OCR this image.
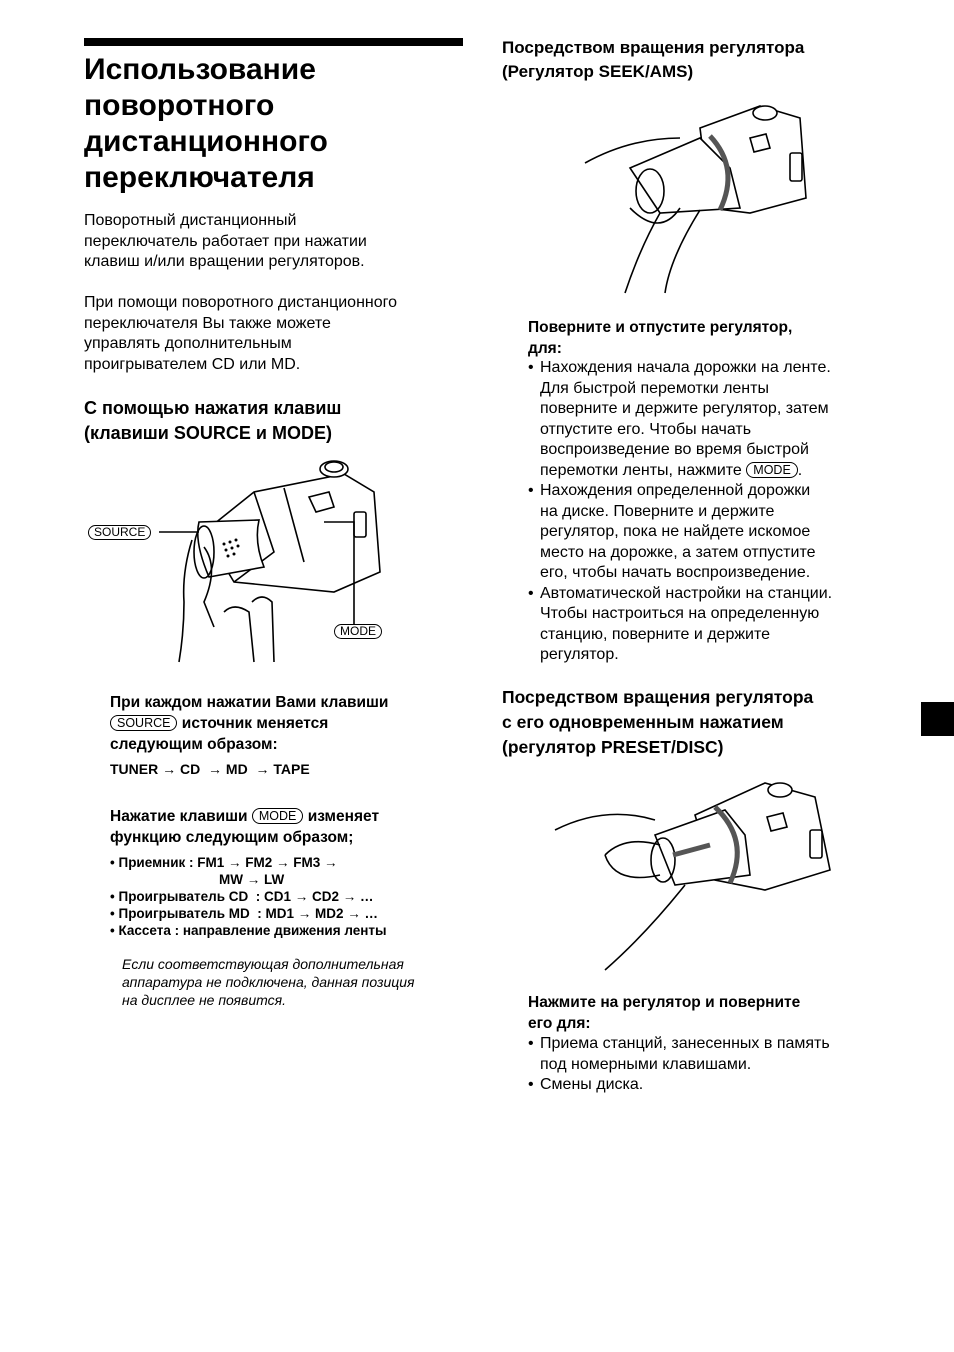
Использование
поворотного
дистанционного
переключателя
Поворотный дистанционный
переключатель работает при нажатии
клавиш и/или вращении регуляторов.
При помощи поворотного дистанционного
переключателя Вы также можете
управлять дополнительным
проигрывателем CD или MD.
С помощью нажатия клавиш
(клавиши SOURCE и MODE)
SOURCE
MODE
При каждом нажатии Вами клавиши
SOURCE источник меняется
следующим образом:
TUNER → CD  → MD  → TAPE
Нажатие клавиши MODE изменяет
функцию следующим образом;
• Приемник : FM1 → FM2 → FM3 →
MW → LW
• Проигрыватель CD : CD1 → CD2 → …
• Проигрыватель MD : MD1 → MD2 → …
• Кассета : направление движения ленты
Если соответствующая дополнительная
аппаратура не подключена, данная позиция
на дисплее не появится.
Посредством вращения регулятора
(Регулятор SEEK/AMS)
Поверните и отпустите регулятор,
для:
• Нахождения начала дорожки на ленте.
Для быстрой перемотки ленты
поверните и держите регулятор, затем
отпустите его. Чтобы начать
воспроизведение во время быстрой
перемотки ленты, нажмите MODE .
• Нахождения определенной дорожки
на диске. Поверните и держите
регулятор, пока не найдете искомое
место на дорожке, а затем отпустите
его, чтобы начать воспроизведение.
• Автоматической настройки на станции.
Чтобы настроиться на определенную
станцию, поверните и держите
регулятор.
Посредством вращения регулятора
с его одновременным нажатием
(регулятор PRESET/DISC)
Нажмите на регулятор и поверните
его для:
• Приема станций, занесенных в память
под номерными клавишами.
• Смены диска.
